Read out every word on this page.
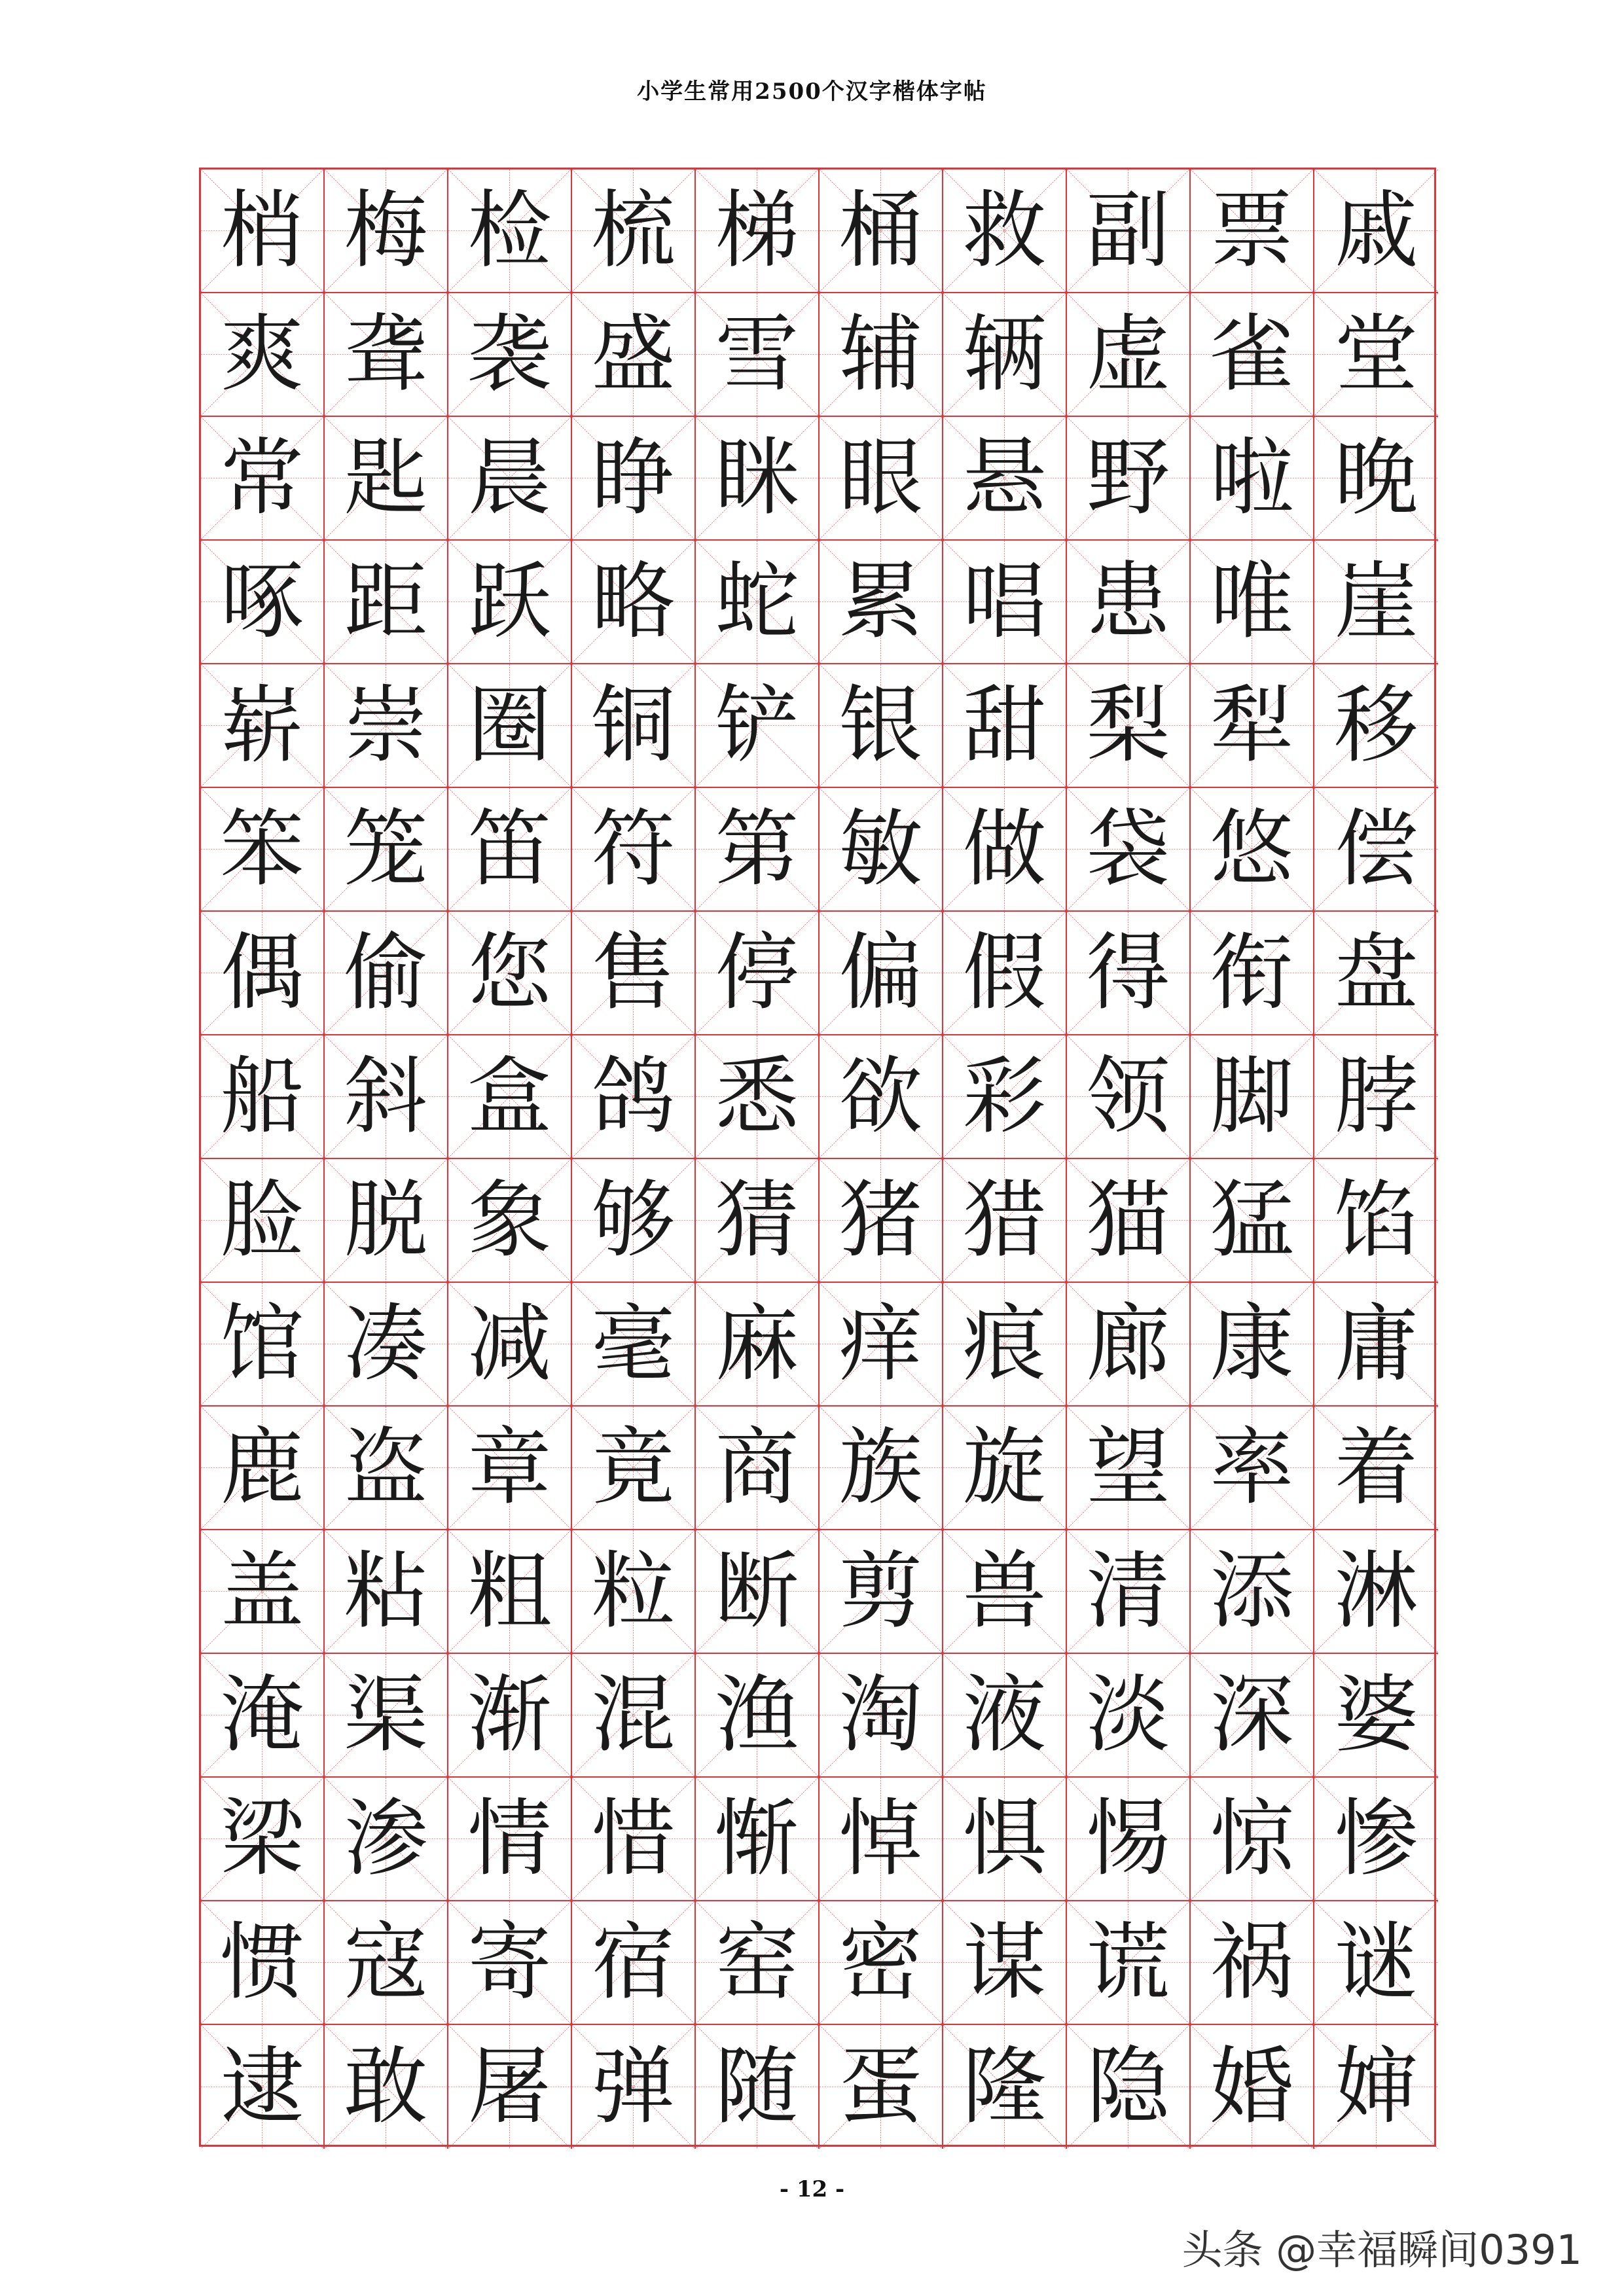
小学生常用2500个汉字楷体字帖
梢 梅 检 梳 梯 桶 救 副 票 戚
爽 聋 袭 盛 雪 辅 辆 虚 雀 堂
常 匙 晨 睁 眯 眼 悬 野 啦 晚
啄 距 跃 略 蛇 累 唱 患 唯 崖
崭 崇 圈 铜 铲 银 甜 梨 犁 移
笨 笼 笛 符 第 敏 做 袋 悠 偿
偶 偷 您 售 停 偏 假 得 衔 盘
船 斜 盒 鸽 悉 欲 彩 领 脚 脖
脸 脱 象 够 猜 猪 猎 猫 猛 馅
馆 凑 减 毫 麻 痒 痕 廊 康 庸
鹿 盗 章 竟 商 族 旋 望 率 着
盖 粘 粗 粒 断 剪 兽 清 添 淋
淹 渠 渐 混 渔 淘 液 淡 深 婆
梁 渗 情 惜 惭 悼 惧 惕 惊 惨
惯 寇 寄 宿 窑 密 谋 谎 祸 谜
逮 敢 屠 弹 随 蛋 隆 隐 婚 婶
- 12 -
头条 @幸福瞬间0391
